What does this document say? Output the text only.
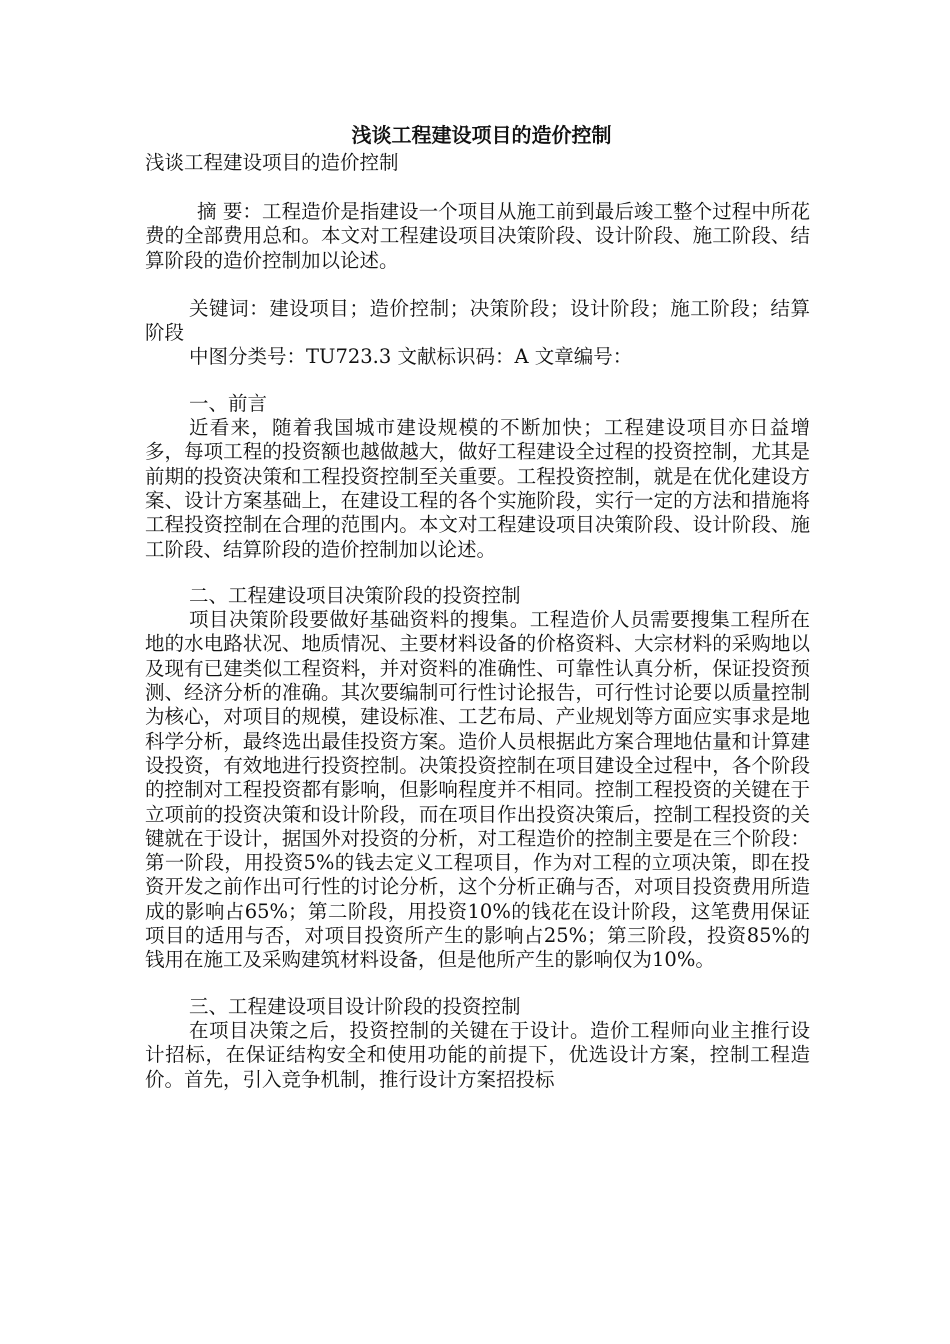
浅谈工程建设项目的造价控制

浅谈工程建设项目的造价控制

摘 要：工程造价是指建设一个项目从施工前到最后竣工整个过程中所花费的全部费用总和。本文对工程建设项目决策阶段、设计阶段、施工阶段、结算阶段的造价控制加以论述。

关键词：建设项目；造价控制；决策阶段；设计阶段；施工阶段；结算阶段

中图分类号：TU723.3 文献标识码：A 文章编号：

一、前言

近看来，随着我国城市建设规模的不断加快；工程建设项目亦日益增多，每项工程的投资额也越做越大，做好工程建设全过程的投资控制，尤其是前期的投资决策和工程投资控制至关重要。工程投资控制，就是在优化建设方案、设计方案基础上，在建设工程的各个实施阶段，实行一定的方法和措施将工程投资控制在合理的范围内。本文对工程建设项目决策阶段、设计阶段、施工阶段、结算阶段的造价控制加以论述。

二、工程建设项目决策阶段的投资控制

项目决策阶段要做好基础资料的搜集。工程造价人员需要搜集工程所在地的水电路状况、地质情况、主要材料设备的价格资料、大宗材料的采购地以及现有已建类似工程资料，并对资料的准确性、可靠性认真分析，保证投资预测、经济分析的准确。其次要编制可行性讨论报告，可行性讨论要以质量控制为核心，对项目的规模，建设标准、工艺布局、产业规划等方面应实事求是地科学分析，最终选出最佳投资方案。造价人员根据此方案合理地估量和计算建设投资，有效地进行投资控制。决策投资控制在项目建设全过程中，各个阶段的控制对工程投资都有影响，但影响程度并不相同。控制工程投资的关键在于立项前的投资决策和设计阶段，而在项目作出投资决策后，控制工程投资的关键就在于设计，据国外对投资的分析，对工程造价的控制主要是在三个阶段：第一阶段，用投资5%的钱去定义工程项目，作为对工程的立项决策，即在投资开发之前作出可行性的讨论分析，这个分析正确与否，对项目投资费用所造成的影响占65%；第二阶段，用投资10%的钱花在设计阶段，这笔费用保证项目的适用与否，对项目投资所产生的影响占25%；第三阶段，投资85%的钱用在施工及采购建筑材料设备，但是他所产生的影响仅为10%。

三、工程建设项目设计阶段的投资控制

在项目决策之后，投资控制的关键在于设计。造价工程师向业主推行设计招标，在保证结构安全和使用功能的前提下，优选设计方案，控制工程造价。首先，引入竞争机制，推行设计方案招投标
